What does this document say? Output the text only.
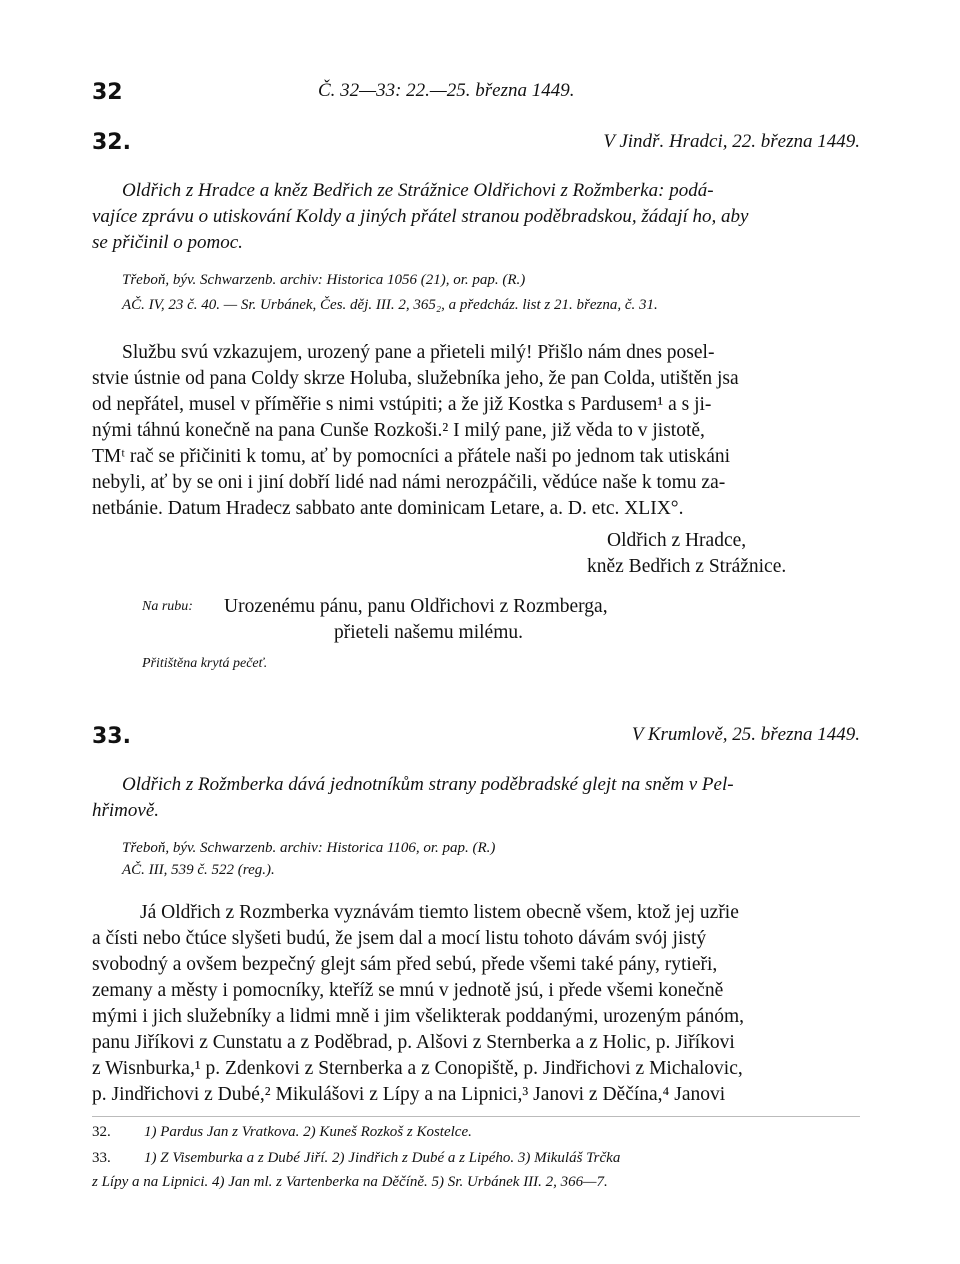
32	Č. 32—33: 22.—25. března 1449.
32.	V Jindř. Hradci, 22. března 1449.
Oldřich z Hradce a kněz Bedřich ze Strážnice Oldřichovi z Rožmberka: podá-
vajíce zprávu o utiskování Koldy a jiných přátel stranou poděbradskou, žádají ho, aby
se přičinil o pomoc.
Třeboň, býv. Schwarzenb. archiv: Historica 1056 (21), or. pap. (R.)
AČ. IV, 23 č. 40. — Sr. Urbánek, Čes. děj. III. 2, 365₂, a předcház. list z 21. března, č. 31.
Službu svú vzkazujem, urozený pane a přieteli milý! Přišlo nám dnes posel-
stvie ústnie od pana Coldy skrze Holuba, služebníka jeho, že pan Colda, utištěn jsa
od nepřátel, musel v příměřie s nimi vstúpiti; a že již Kostka s Pardusem¹ a s ji-
nými táhnú konečně na pana Cunše Rozkoši.² I milý pane, již věda to v jistotě,
TMᵗ rač se přičiniti k tomu, ať by pomocníci a přátele naši po jednom tak utiskáni
nebyli, ať by se oni i jiní dobří lidé nad námi nerozpáčili, vědúce naše k tomu za-
netbánie. Datum Hradecz sabbato ante dominicam Letare, a. D. etc. XLIX°.
Oldřich z Hradce,
kněz Bedřich z Strážnice.
Na rubu: Urozenému pánu, panu Oldřichovi z Rozmberga,
přieteli našemu milému.
Přitištěna krytá pečeť.
33.	V Krumlově, 25. března 1449.
Oldřich z Rožmberka dává jednotníkům strany poděbradské glejt na sněm v Pel-
hřimově.
Třeboň, býv. Schwarzenb. archiv: Historica 1106, or. pap. (R.)
AČ. III, 539 č. 522 (reg.).
Já Oldřich z Rozmberka vyznávám tiemto listem obecně všem, ktož jej uzřie
a čísti nebo čtúce slyšeti budú, že jsem dal a mocí listu tohoto dávám svój jistý
svobodný a ovšem bezpečný glejt sám před sebú, přede všemi také pány, rytieři,
zemany a městy i pomocníky, kteříž se mnú v jednotě jsú, i přede všemi konečně
mými i jich služebníky a lidmi mně i jim všelikterak poddanými, urozeným pánóm,
panu Jiříkovi z Cunstatu a z Poděbrad, p. Alšovi z Sternberka a z Holic, p. Jiříkovi
z Wisnburka,¹ p. Zdenkovi z Sternberka a z Conopiště, p. Jindřichovi z Michalovic,
p. Jindřichovi z Dubé,² Mikulášovi z Lípy a na Lipnici,³ Janovi z Děčína,⁴ Janovi
32. 1) Pardus Jan z Vratkova. 2) Kuneš Rozkoš z Kostelce.
33. 1) Z Visemburka a z Dubé Jiří. 2) Jindřich z Dubé a z Lipého. 3) Mikuláš Trčka
z Lípy a na Lipnici. 4) Jan ml. z Vartenberka na Děčíně. 5) Sr. Urbánek III. 2, 366—7.
